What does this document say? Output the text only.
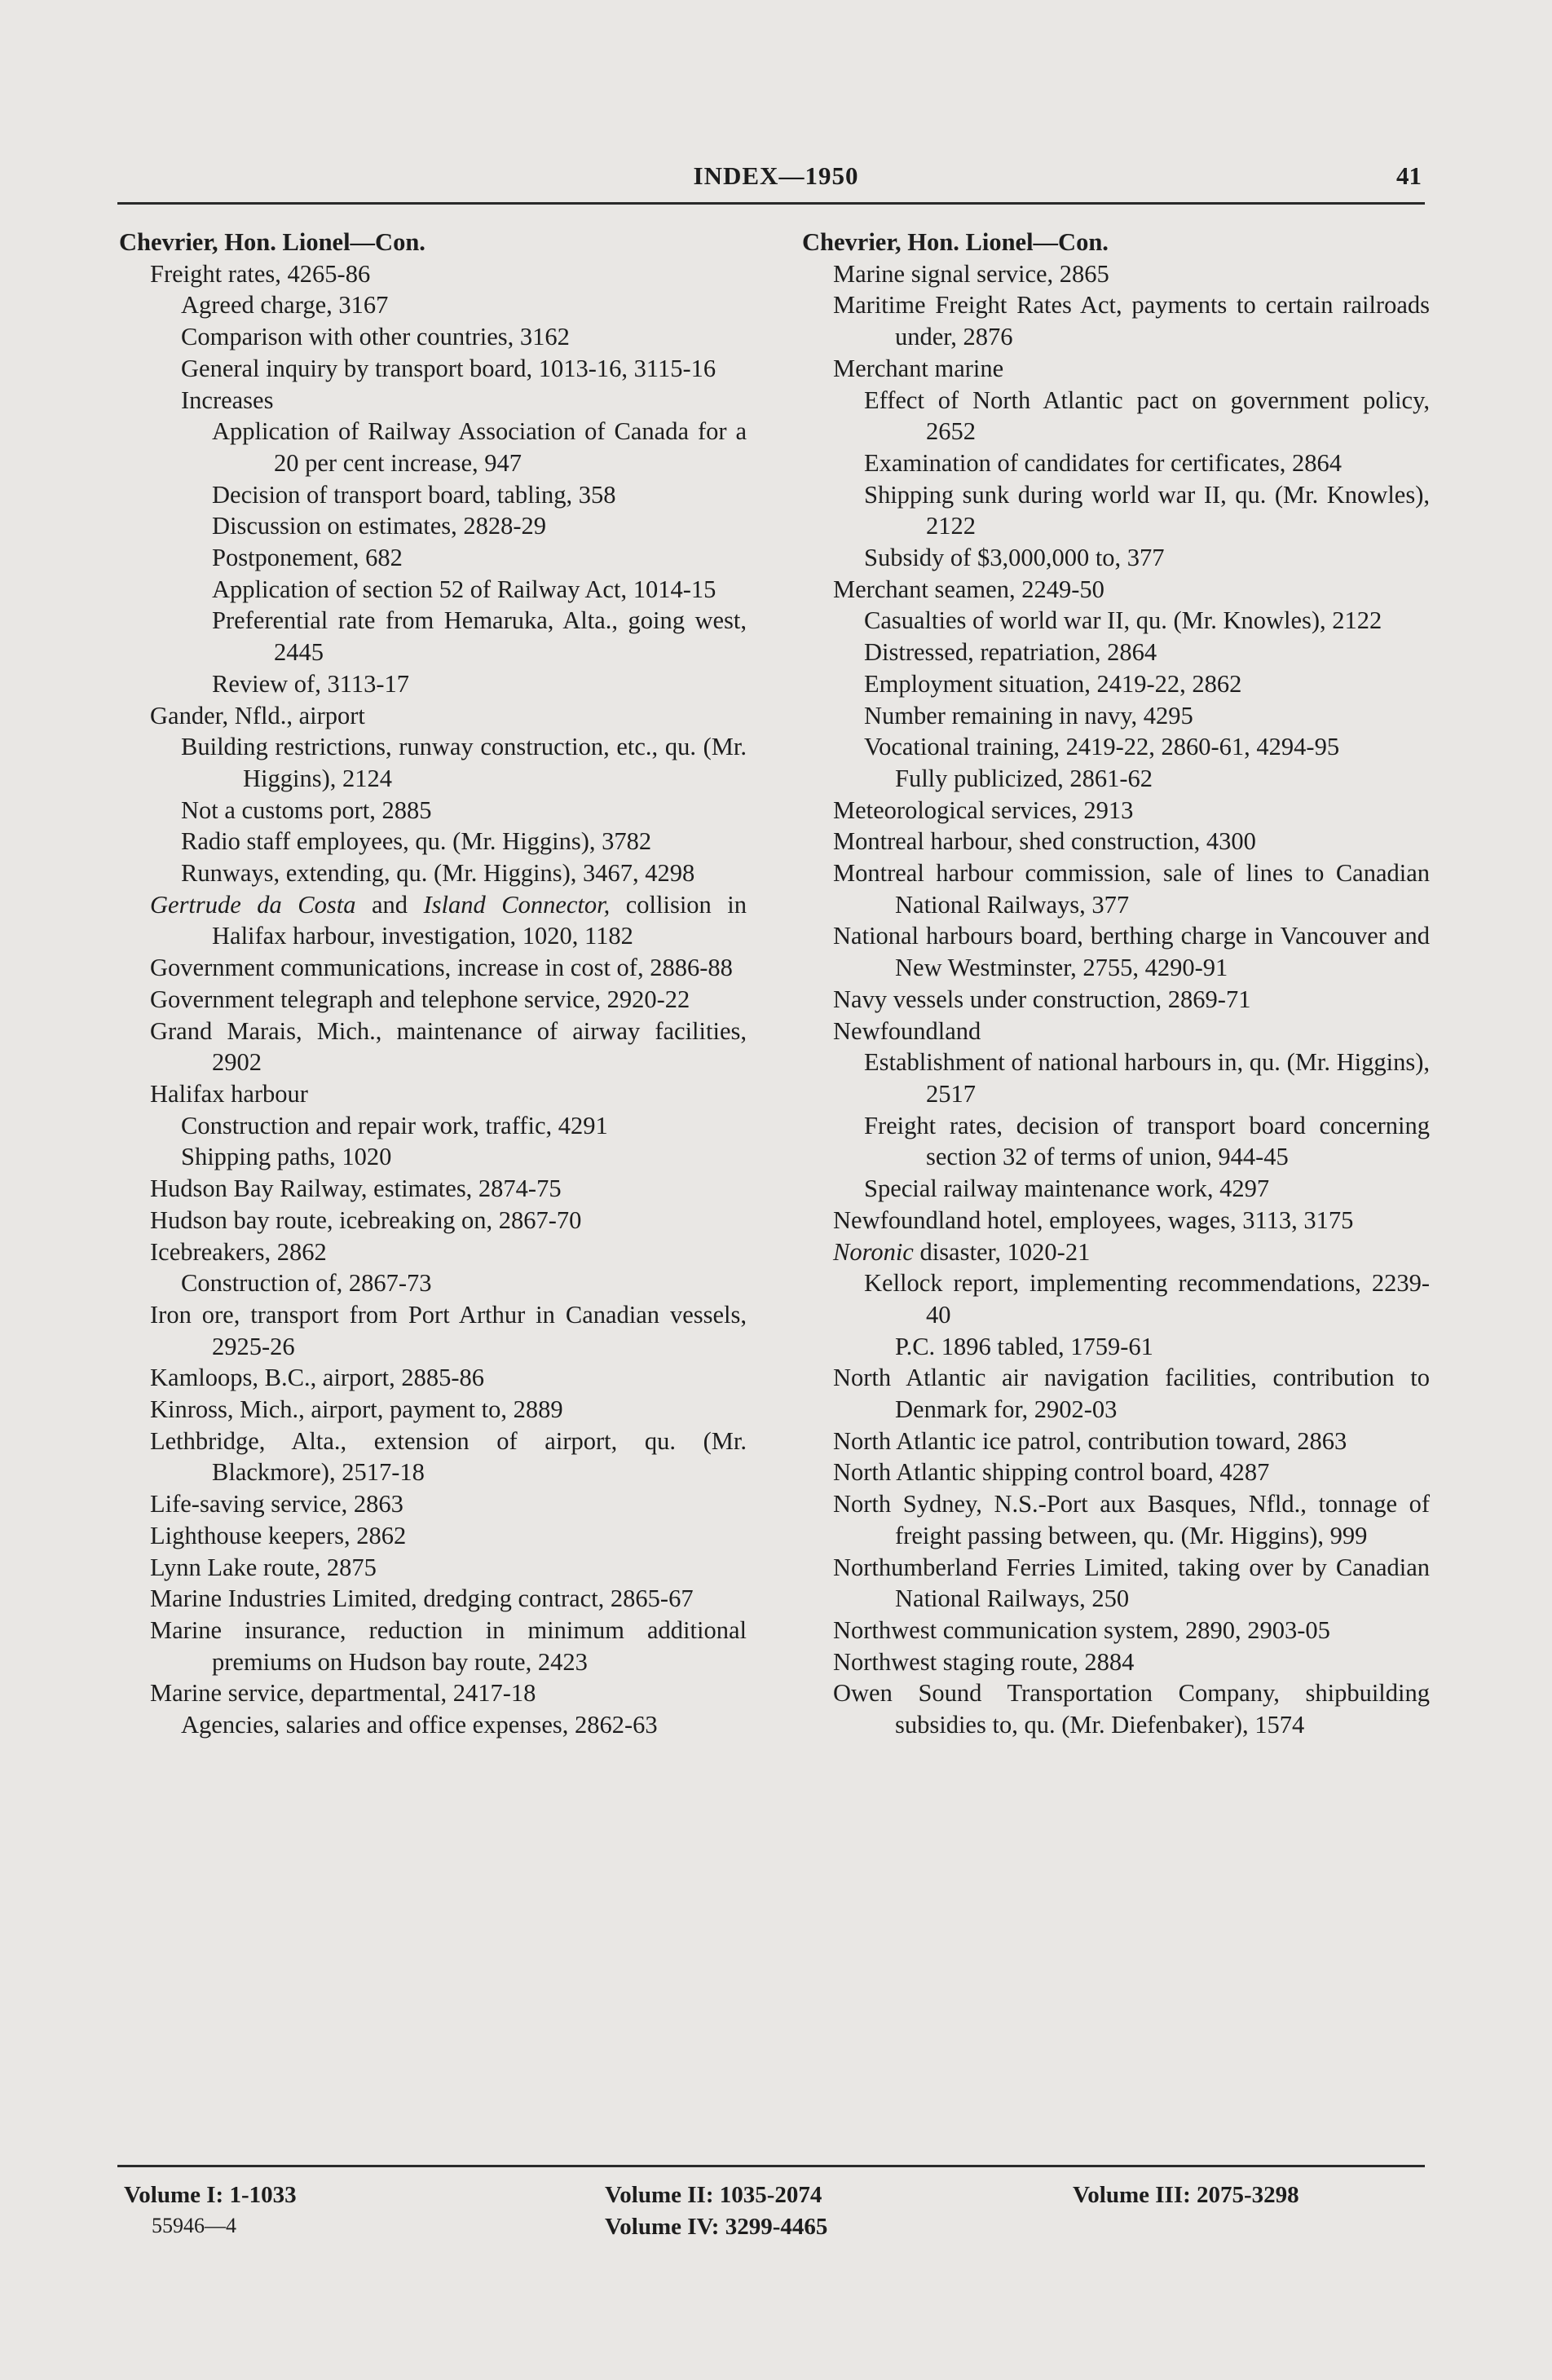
INDEX—1950	41
Chevrier, Hon. Lionel—Con.
Freight rates, 4265-86
Agreed charge, 3167
Comparison with other countries, 3162
General inquiry by transport board, 1013-16, 3115-16
Increases
Application of Railway Association of Canada for a 20 per cent increase, 947
Decision of transport board, tabling, 358
Discussion on estimates, 2828-29
Postponement, 682
Application of section 52 of Railway Act, 1014-15
Preferential rate from Hemaruka, Alta., going west, 2445
Review of, 3113-17
Gander, Nfld., airport
Building restrictions, runway construction, etc., qu. (Mr. Higgins), 2124
Not a customs port, 2885
Radio staff employees, qu. (Mr. Higgins), 3782
Runways, extending, qu. (Mr. Higgins), 3467, 4298
Gertrude da Costa and Island Connector, collision in Halifax harbour, investigation, 1020, 1182
Government communications, increase in cost of, 2886-88
Government telegraph and telephone service, 2920-22
Grand Marais, Mich., maintenance of airway facilities, 2902
Halifax harbour
Construction and repair work, traffic, 4291
Shipping paths, 1020
Hudson Bay Railway, estimates, 2874-75
Hudson bay route, icebreaking on, 2867-70
Icebreakers, 2862
Construction of, 2867-73
Iron ore, transport from Port Arthur in Canadian vessels, 2925-26
Kamloops, B.C., airport, 2885-86
Kinross, Mich., airport, payment to, 2889
Lethbridge, Alta., extension of airport, qu. (Mr. Blackmore), 2517-18
Life-saving service, 2863
Lighthouse keepers, 2862
Lynn Lake route, 2875
Marine Industries Limited, dredging contract, 2865-67
Marine insurance, reduction in minimum additional premiums on Hudson bay route, 2423
Marine service, departmental, 2417-18
Agencies, salaries and office expenses, 2862-63
Chevrier, Hon. Lionel—Con.
Marine signal service, 2865
Maritime Freight Rates Act, payments to certain railroads under, 2876
Merchant marine
Effect of North Atlantic pact on government policy, 2652
Examination of candidates for certificates, 2864
Shipping sunk during world war II, qu. (Mr. Knowles), 2122
Subsidy of $3,000,000 to, 377
Merchant seamen, 2249-50
Casualties of world war II, qu. (Mr. Knowles), 2122
Distressed, repatriation, 2864
Employment situation, 2419-22, 2862
Number remaining in navy, 4295
Vocational training, 2419-22, 2860-61, 4294-95
Fully publicized, 2861-62
Meteorological services, 2913
Montreal harbour, shed construction, 4300
Montreal harbour commission, sale of lines to Canadian National Railways, 377
National harbours board, berthing charge in Vancouver and New Westminster, 2755, 4290-91
Navy vessels under construction, 2869-71
Newfoundland
Establishment of national harbours in, qu. (Mr. Higgins), 2517
Freight rates, decision of transport board concerning section 32 of terms of union, 944-45
Special railway maintenance work, 4297
Newfoundland hotel, employees, wages, 3113, 3175
Noronic disaster, 1020-21
Kellock report, implementing recommendations, 2239-40
P.C. 1896 tabled, 1759-61
North Atlantic air navigation facilities, contribution to Denmark for, 2902-03
North Atlantic ice patrol, contribution toward, 2863
North Atlantic shipping control board, 4287
North Sydney, N.S.-Port aux Basques, Nfld., tonnage of freight passing between, qu. (Mr. Higgins), 999
Northumberland Ferries Limited, taking over by Canadian National Railways, 250
Northwest communication system, 2890, 2903-05
Northwest staging route, 2884
Owen Sound Transportation Company, shipbuilding subsidies to, qu. (Mr. Diefenbaker), 1574
Volume I: 1-1033	Volume II: 1035-2074
Volume IV: 3299-4465
Volume III: 2075-3298
55946—4
